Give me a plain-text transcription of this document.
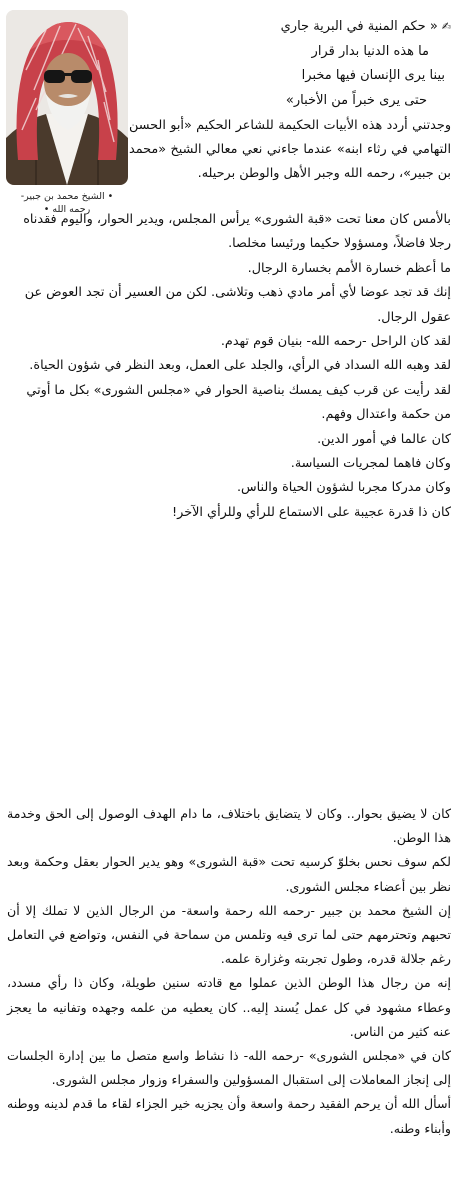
• الشيخ محمد بن جبير-
رحمه الله •
✍« حكم المنية في البرية جاري
ما هذه الدنيا بدار قرار
بينا يرى الإنسان فيها مخبرا
حتى يرى خبراً من الأخبار»

وجدتني أردد هذه الأبيات الحكيمة للشاعر الحكيم «أبو الحسن التهامي في رثاء ابنه» عندما جاءني نعي معالي الشيخ «محمد بن جبير»، رحمه الله وجبر الأهل والوطن برحيله.

بالأمس كان معنا تحت «قبة الشورى» يرأس المجلس، ويدير الحوار، واليوم فقدناه رجلا فاضلاً، ومسؤولا حكيما ورئيسا مخلصا.

ما أعظم خسارة الأمم بخسارة الرجال.

إنك قد تجد عوضا لأي أمر مادي ذهب وتلاشى. لكن من العسير أن تجد العوض عن عقول الرجال.

لقد كان الراحل -رحمه الله- بنيان قوم تهدم.

لقد وهبه الله السداد في الرأي، والجلد على العمل، وبعد النظر في شؤون الحياة.

لقد رأيت عن قرب كيف يمسك بناصية الحوار في «مجلس الشورى» بكل ما أوتي من حكمة واعتدال وفهم.

كان عالما في أمور الدين.

وكان فاهما لمجريات السياسة.

وكان مدركا مجربا لشؤون الحياة والناس.

كان ذا قدرة عجيبة على الاستماع للرأي وللرأي الآخر!

كان لا يضيق بحوار.. وكان لا يتضايق باختلاف، ما دام الهدف الوصول إلى الحق وخدمة هذا الوطن.

لكم سوف نحس بخلوّ كرسيه تحت «قبة الشورى» وهو يدير الحوار بعقل وحكمة وبعد نظر بين أعضاء مجلس الشورى.

إن الشيخ محمد بن جبير -رحمه الله رحمة واسعة- من الرجال الذين لا تملك إلا أن تحبهم وتحترمهم حتى لما ترى فيه وتلمس من سماحة في النفس، وتواضع في التعامل رغم جلالة قدره، وطول تجربته وغزارة علمه.

إنه من رجال هذا الوطن الذين عملوا مع قادته سنين طويلة، وكان ذا رأي مسدد، وعطاء مشهود في كل عمل يُسند إليه.. كان يعطيه من علمه وجهده وتفانيه ما يعجز عنه كثير من الناس.

كان في «مجلس الشورى» -رحمه الله- ذا نشاط واسع متصل ما بين إدارة الجلسات إلى إنجاز المعاملات إلى استقبال المسؤولين والسفراء وزوار مجلس الشورى.

أسأل الله أن يرحم الفقيد رحمة واسعة وأن يجزيه خير الجزاء لقاء ما قدم لدينه ووطنه وأبناء وطنه.
